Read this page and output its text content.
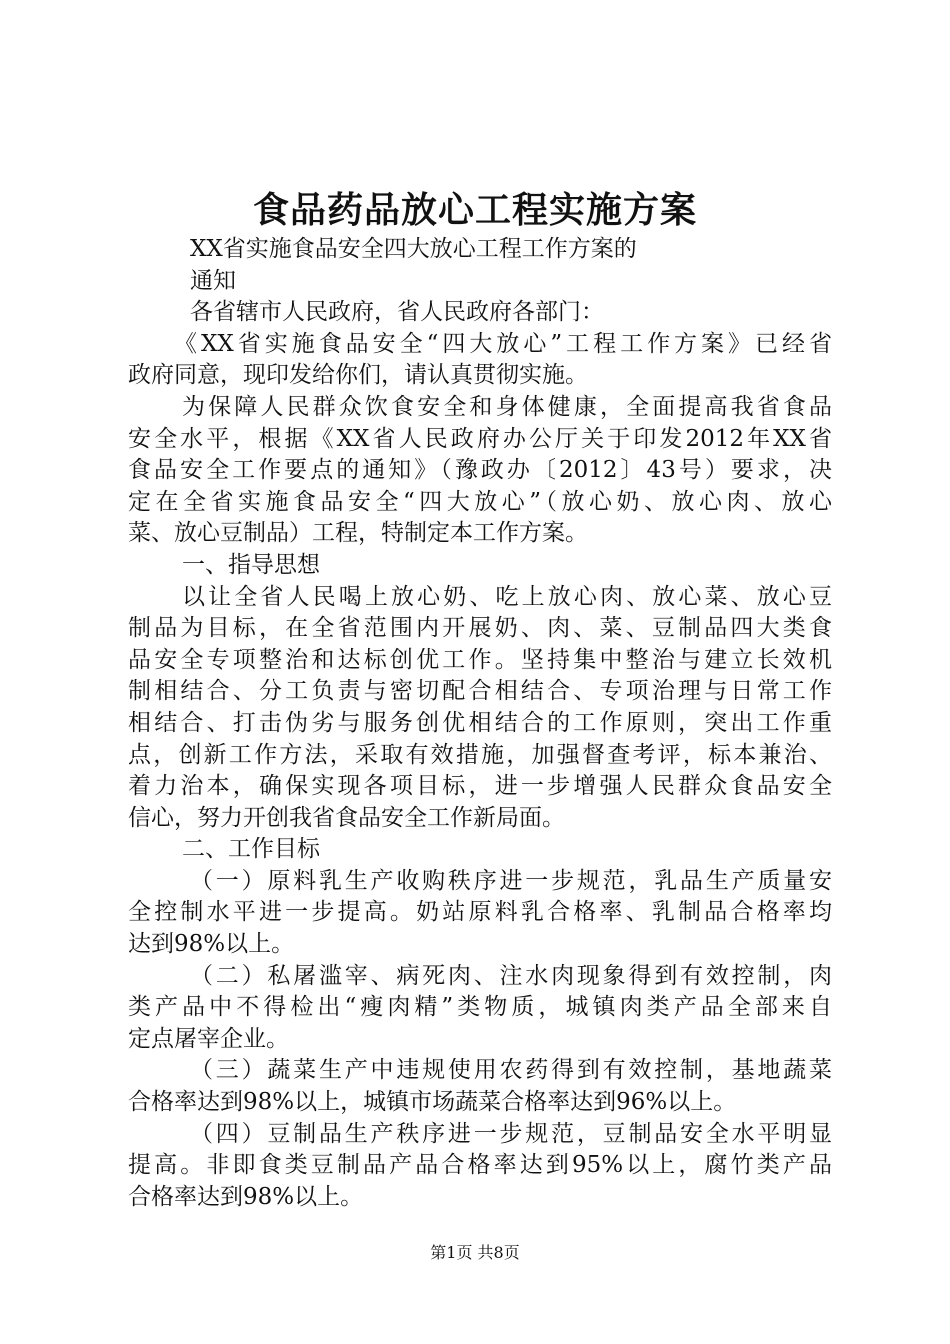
食品药品放心工程实施方案
XX省实施食品安全四大放心工程工作方案的
通知
各省辖市人民政府，省人民政府各部门：
《XX省实施食品安全“四大放心”工程工作方案》已经省
政府同意，现印发给你们，请认真贯彻实施。
为保障人民群众饮食安全和身体健康，全面提高我省食品
安全水平，根据《XX省人民政府办公厅关于印发2012年XX省
食品安全工作要点的通知》（豫政办〔2012〕43号）要求，决
定在全省实施食品安全“四大放心”（放心奶、放心肉、放心
菜、放心豆制品）工程，特制定本工作方案。
一、指导思想
以让全省人民喝上放心奶、吃上放心肉、放心菜、放心豆
制品为目标，在全省范围内开展奶、肉、菜、豆制品四大类食
品安全专项整治和达标创优工作。坚持集中整治与建立长效机
制相结合、分工负责与密切配合相结合、专项治理与日常工作
相结合、打击伪劣与服务创优相结合的工作原则，突出工作重
点，创新工作方法，采取有效措施，加强督查考评，标本兼治、
着力治本，确保实现各项目标，进一步增强人民群众食品安全
信心，努力开创我省食品安全工作新局面。
二、工作目标
（一）原料乳生产收购秩序进一步规范，乳品生产质量安
全控制水平进一步提高。奶站原料乳合格率、乳制品合格率均
达到98%以上。
（二）私屠滥宰、病死肉、注水肉现象得到有效控制，肉
类产品中不得检出“瘦肉精”类物质，城镇肉类产品全部来自
定点屠宰企业。
（三）蔬菜生产中违规使用农药得到有效控制，基地蔬菜
合格率达到98%以上，城镇市场蔬菜合格率达到96%以上。
（四）豆制品生产秩序进一步规范，豆制品安全水平明显
提高。非即食类豆制品产品合格率达到95%以上，腐竹类产品
合格率达到98%以上。
第1页 共8页
